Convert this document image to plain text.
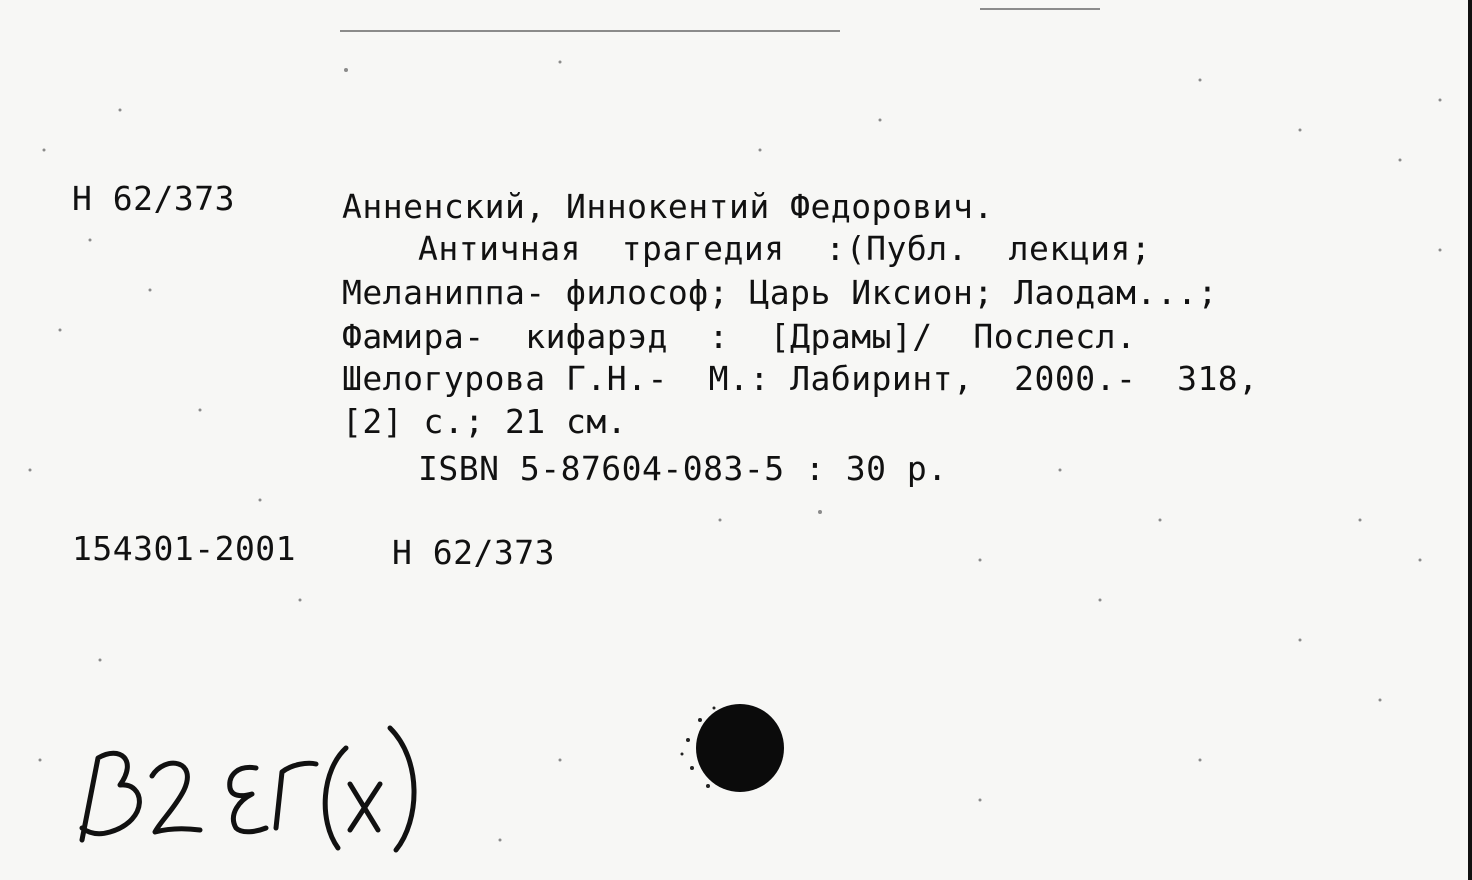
Н 62/373	Анненский, Иннокентий Федорович.
Античная  трагедия  :(Публ.  лекция;
Меланиппа- философ; Царь Иксион; Лаодам...;
Фамира-  кифарэд  :  [Драмы]/  Послесл.
Шелогурова Г.Н.-  М.: Лабиринт,  2000.-  318,
[2] с.; 21 см.
ISBN 5-87604-083-5 : 30 р.
154301-2001	Н 62/373
